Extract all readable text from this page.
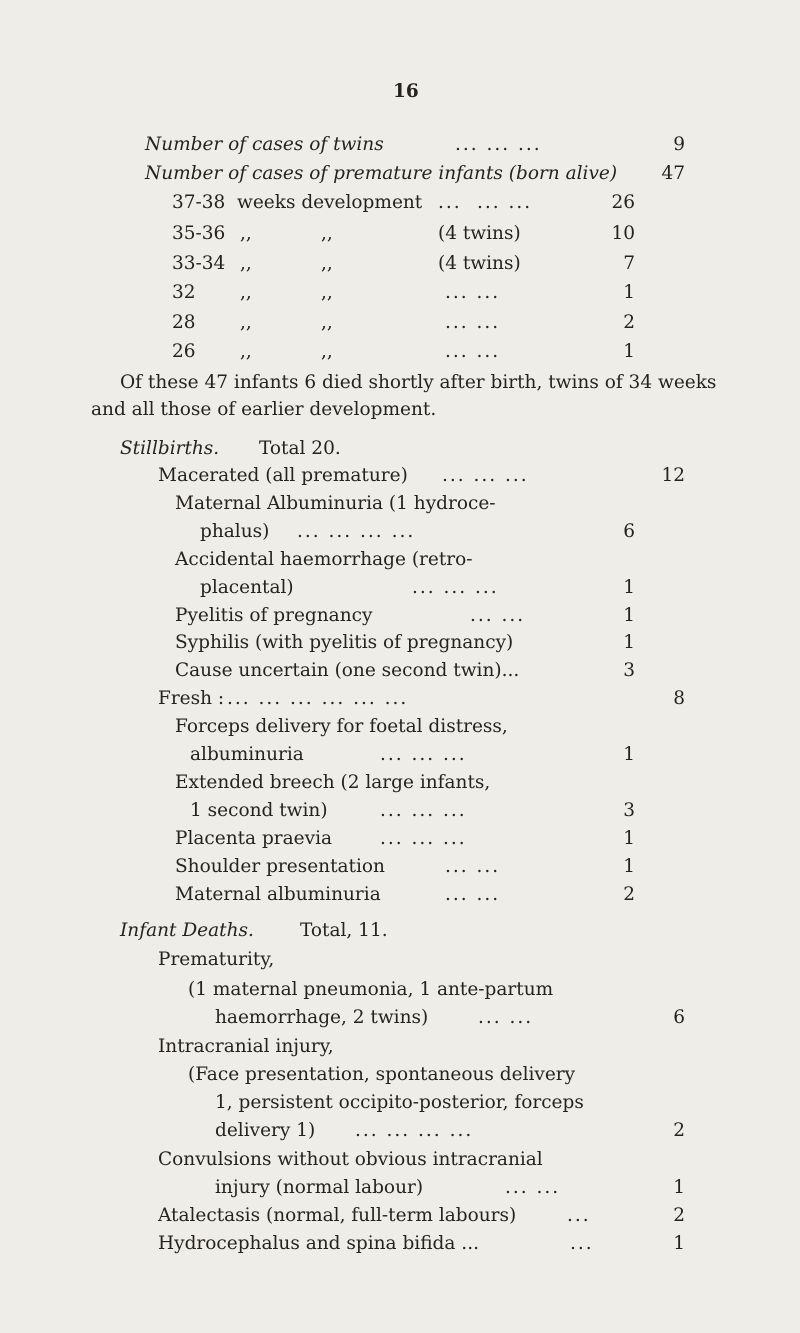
16
Number of cases of twins	... ... ...	9
Number of cases of premature infants (born alive)	47
37-38 weeks development ... ... ...	26
35-36 ,,	,,	(4 twins)	10
33-34 ,,	,,	(4 twins)	7
32 ,,	,,	... ...	1
28 ,,	,,	... ...	2
26 ,,	,,	... ...	1
Of these 47 infants 6 died shortly after birth, twins of 34 weeks
and all those of earlier development.
Stillbirths. Total 20.
Macerated (all premature) ... ... ...	12
Maternal Albuminuria (1 hydroce-
phalus) ... ... ... ...	6
Accidental haemorrhage (retro-
placental)	... ... ...	1
Pyelitis of pregnancy	... ...	1
Syphilis (with pyelitis of pregnancy)	1
Cause uncertain (one second twin)...	3
Fresh : ... ... ... ... ... ...	8
Forceps delivery for foetal distress,
albuminuria	... ... ...	1
Extended breech (2 large infants,
1 second twin)	... ... ...	3
Placenta praevia	... ... ...	1
Shoulder presentation	... ...	1
Maternal albuminuria	... ...	2
Infant Deaths. Total, 11.
Prematurity,
(1 maternal pneumonia, 1 ante-partum
haemorrhage, 2 twins)	... ...	6
Intracranial injury,
(Face presentation, spontaneous delivery
1, persistent occipito-posterior, forceps
delivery 1) ... ... ... ...	2
Convulsions without obvious intracranial
injury (normal labour)	... ...	1
Atalectasis (normal, full-term labours)	...	2
Hydrocephalus and spina bifida ...	...	1
